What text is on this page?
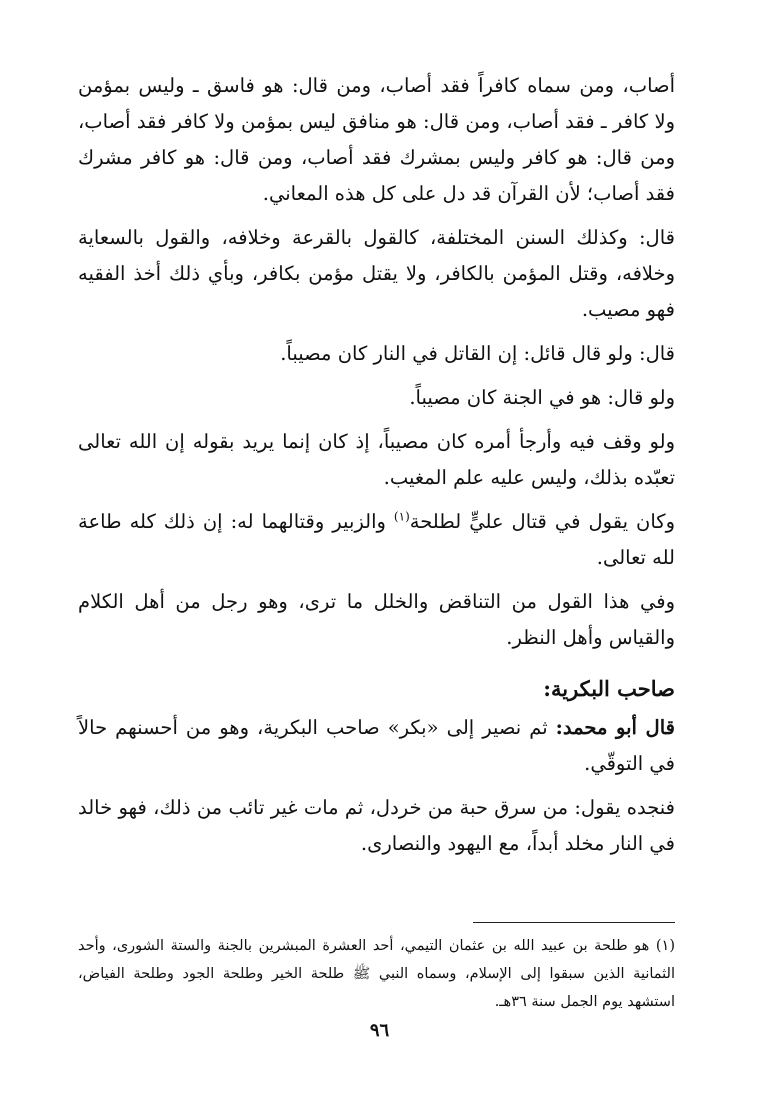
أصاب، ومن سماه كافراً فقد أصاب، ومن قال: هو فاسق ـ وليس بمؤمن ولا كافر ـ فقد أصاب، ومن قال: هو منافق ليس بمؤمن ولا كافر فقد أصاب، ومن قال: هو كافر وليس بمشرك فقد أصاب، ومن قال: هو كافر مشرك فقد أصاب؛ لأن القرآن قد دل على كل هذه المعاني.

قال: وكذلك السنن المختلفة، كالقول بالقرعة وخلافه، والقول بالسعاية وخلافه، وقتل المؤمن بالكافر، ولا يقتل مؤمن بكافر، وبأي ذلك أخذ الفقيه فهو مصيب.

قال: ولو قال قائل: إن القاتل في النار كان مصيباً.

ولو قال: هو في الجنة كان مصيباً.

ولو وقف فيه وأرجأ أمره كان مصيباً، إذ كان إنما يريد بقوله إن الله تعالى تعبّده بذلك، وليس عليه علم المغيب.

وكان يقول في قتال عليٍّ لطلحة$^{(١)}$ والزبير وقتالهما له: إن ذلك كله طاعة لله تعالى.

وفي هذا القول من التناقض والخلل ما ترى، وهو رجل من أهل الكلام والقياس وأهل النظر.

صاحب البكرية:

قال أبو محمد: ثم نصير إلى «بكر» صاحب البكرية، وهو من أحسنهم حالاً في التوقّي.

فنجده يقول: من سرق حبة من خردل، ثم مات غير تائب من ذلك، فهو خالد في النار مخلد أبداً، مع اليهود والنصارى.

(١) هو طلحة بن عبيد الله بن عثمان التيمي، أحد العشرة المبشرين بالجنة والستة الشورى، وأحد الثمانية الذين سبقوا إلى الإسلام، وسماه النبي ﷺ طلحة الخير وطلحة الجود وطلحة الفياض، استشهد يوم الجمل سنة ٣٦هـ.
٩٦
